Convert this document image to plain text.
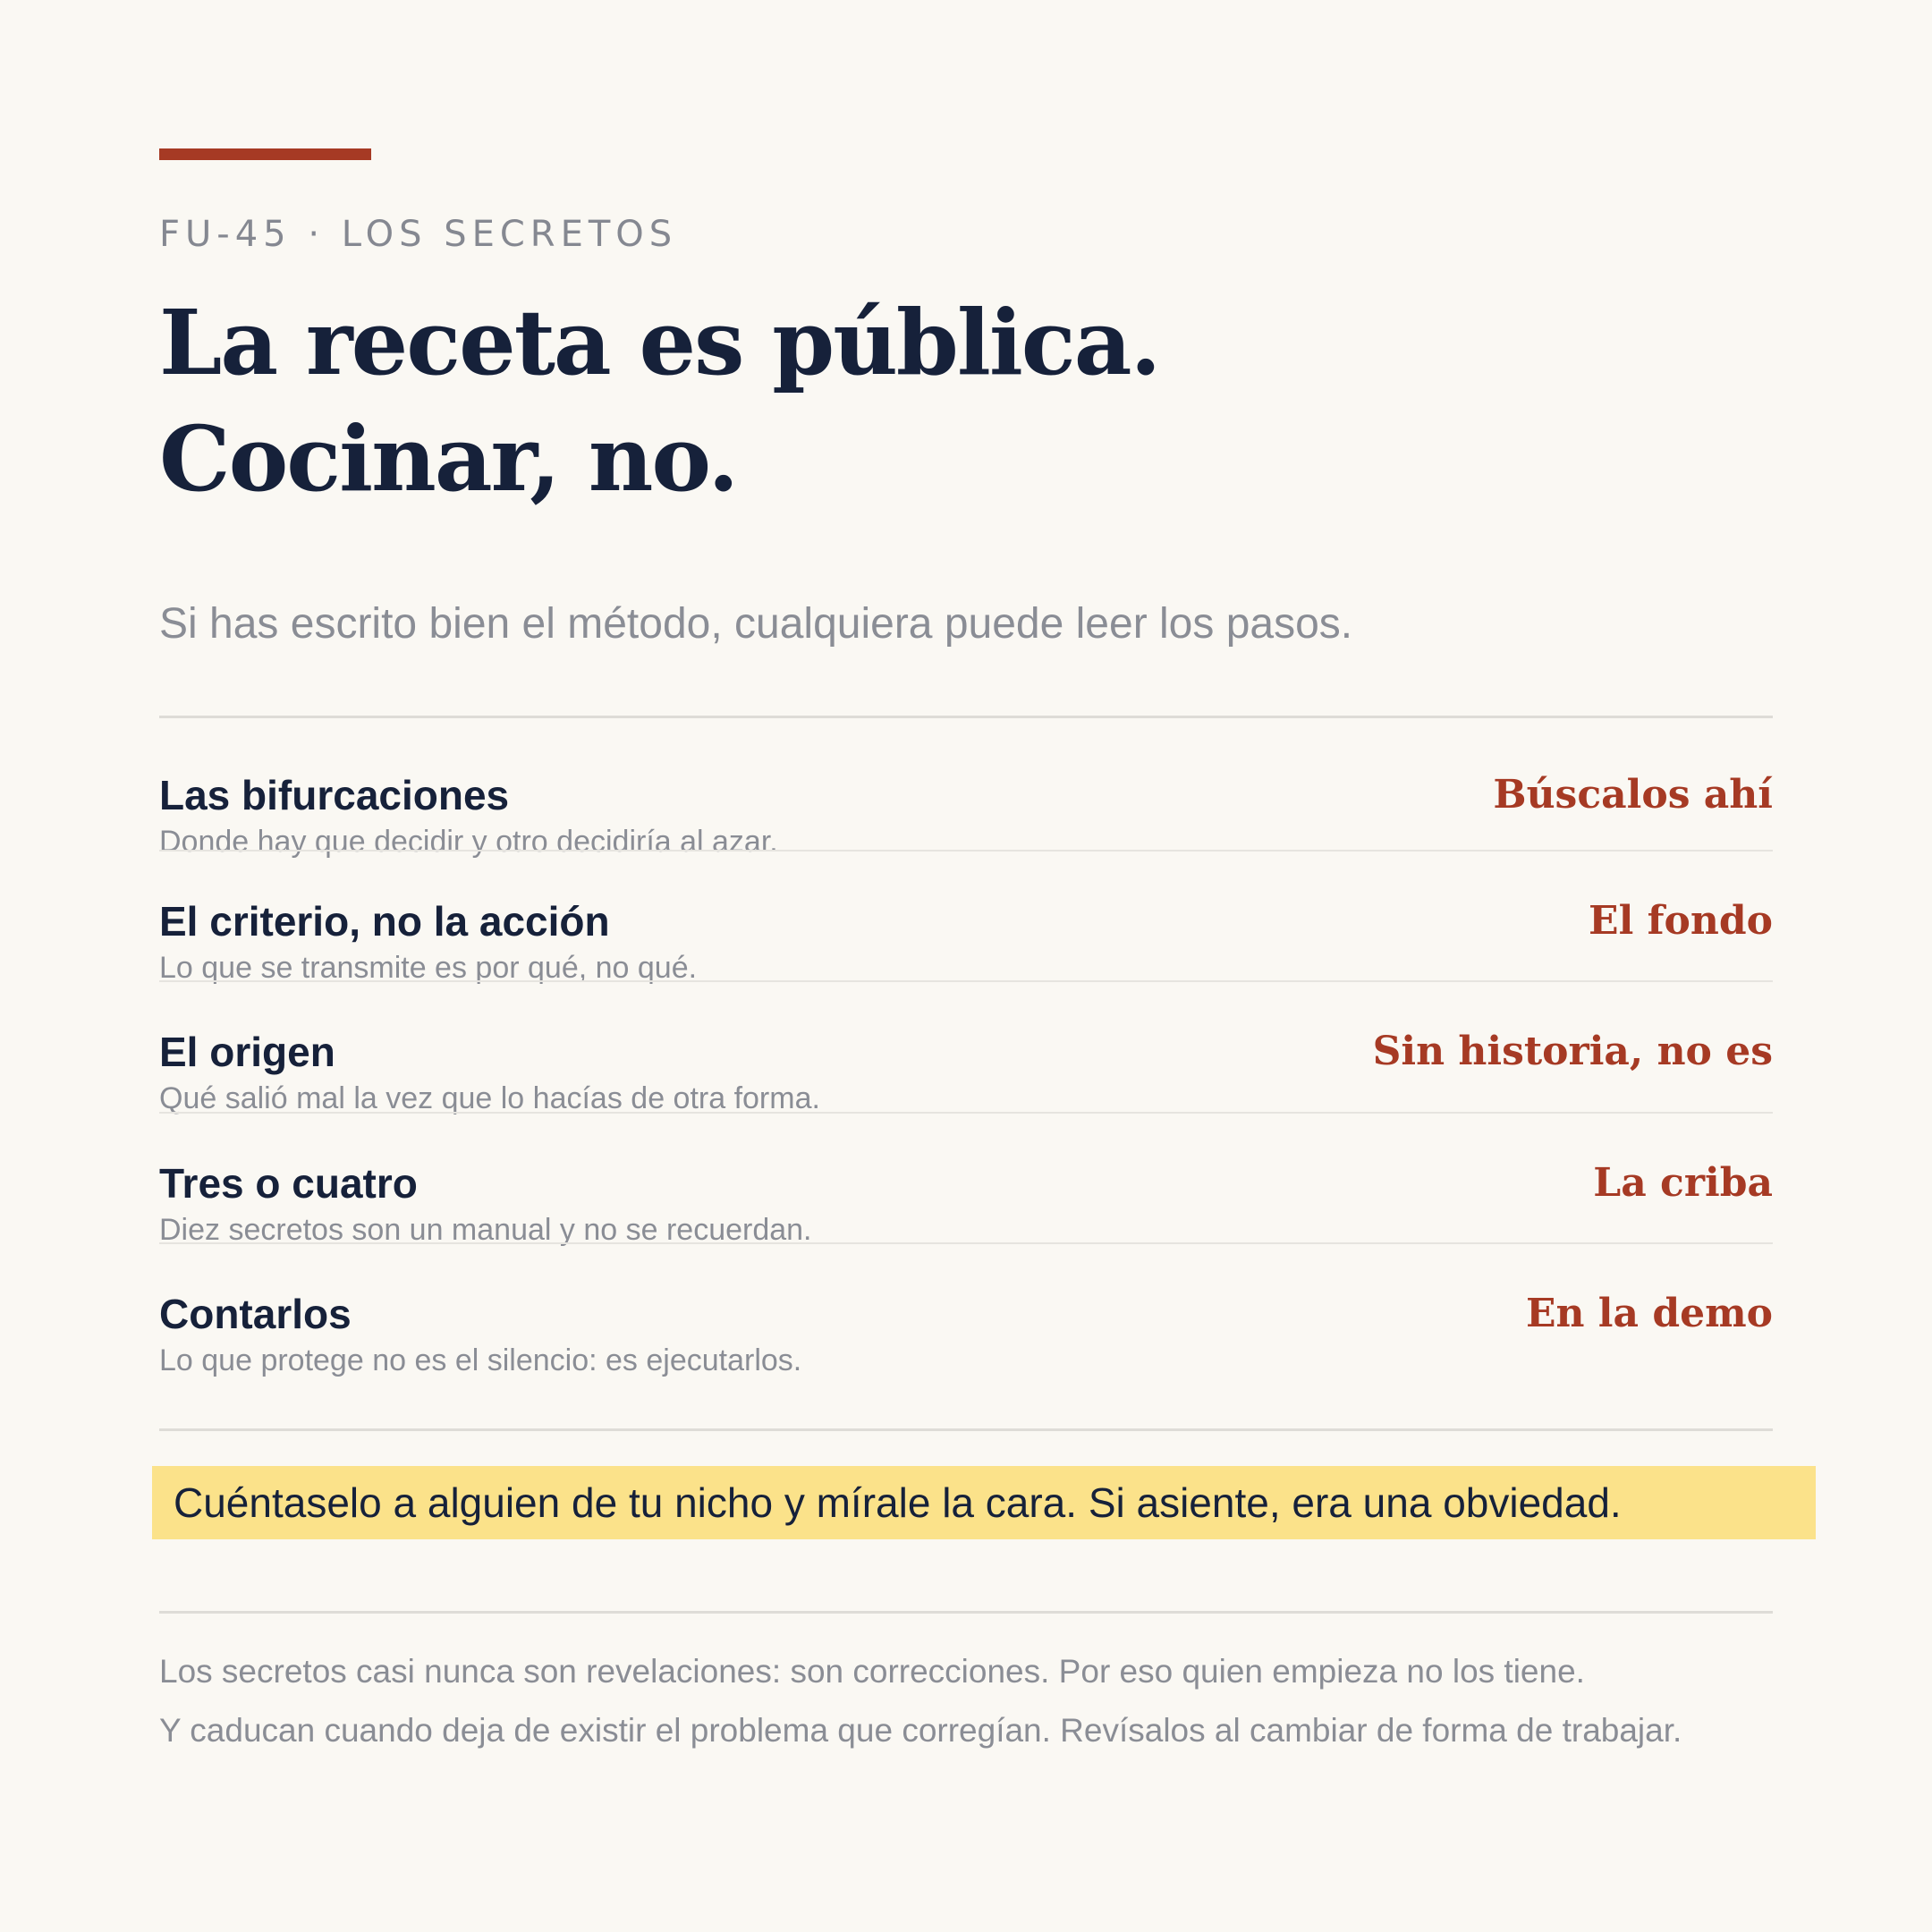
FU-45 · LOS SECRETOS
La receta es pública.
Cocinar, no.
Si has escrito bien el método, cualquiera puede leer los pasos.
Las bifurcaciones
Donde hay que decidir y otro decidiría al azar.
Búscalos ahí
El criterio, no la acción
Lo que se transmite es por qué, no qué.
El fondo
El origen
Qué salió mal la vez que lo hacías de otra forma.
Sin historia, no es
Tres o cuatro
Diez secretos son un manual y no se recuerdan.
La criba
Contarlos
Lo que protege no es el silencio: es ejecutarlos.
En la demo
Cuéntaselo a alguien de tu nicho y mírale la cara. Si asiente, era una obviedad.
Los secretos casi nunca son revelaciones: son correcciones. Por eso quien empieza no los tiene.
Y caducan cuando deja de existir el problema que corregían. Revísalos al cambiar de forma de trabajar.
